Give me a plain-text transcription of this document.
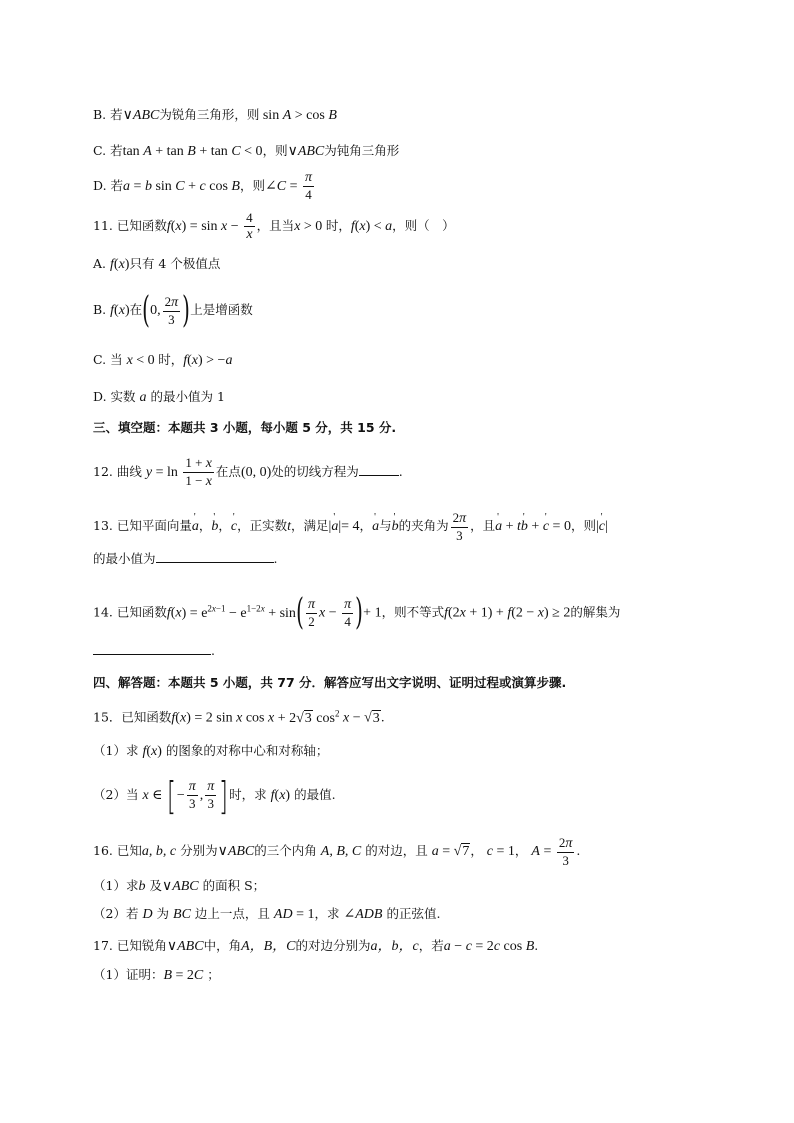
B. 若∨ABC为锐角三角形，则 sin A > cos B
C. 若tan A + tan B + tan C < 0，则∨ABC为钝角三角形
D. 若a = b sin C + c cos B，则∠C = $\frac{\pi}{4}$
11. 已知函数$f(x) = \sin x - \frac{4}{x}$ ，且当x > 0 时，f(x) < a，则（　）
A. f(x)只有 4 个极值点
B. f(x)在(0, $\frac{2\pi}{3}$ )上是增函数
C. 当 x < 0 时，f(x) > −a
D. 实数 a 的最小值为 1
三、填空题：本题共 3 小题，每小题 5 分，共 15 分.
12. 曲线 $y = \ln \frac{1 + x}{1 - x}$ 在点(0, 0)处的切线方程为	.
13. 已知平面向量' a，' b，' c，正实数t，满足|' a|= 4，' a与' b的夹角为 $\frac{2\pi}{3}$ ，且' a + t' b + ' c = 0，则|' c|
的最小值为	.
14. 已知函数$f(x) = e^{2x-1} - e^{1-2x} + \sin( \frac{\pi}{2}$ $x - \frac{\pi}{4}$ )+ 1，则不等式f(2x + 1) + f(2 − x) ≥ 2的解集为
.
四、解答题：本题共 5 小题，共 77 分．解答应写出文字说明、证明过程或演算步骤.
15．已知函数f(x) = 2 sin x cos x + 2√3 $\cos^2 x - √3$.
（1）求 f(x) 的图象的对称中心和对称轴；
（2）当 x ∈ [− $\frac{\pi}{3}$ , $\frac{\pi}{3}$ ]时，求 f(x) 的最值.
16. 已知a, b, c 分别为∨ABC的三个内角 A, B, C 的对边，且 a = √7， c = 1， $A = \frac{2\pi}{3}$ .
（1）求b 及∨ABC 的面积 S；
（2）若 D 为 BC 边上一点，且 AD = 1，求 ∠ADB 的正弦值.
17. 已知锐角∨ABC中，角A，B，C的对边分别为a，b，c，若a − c = 2c cos B.
（1）证明：B = 2C ；
